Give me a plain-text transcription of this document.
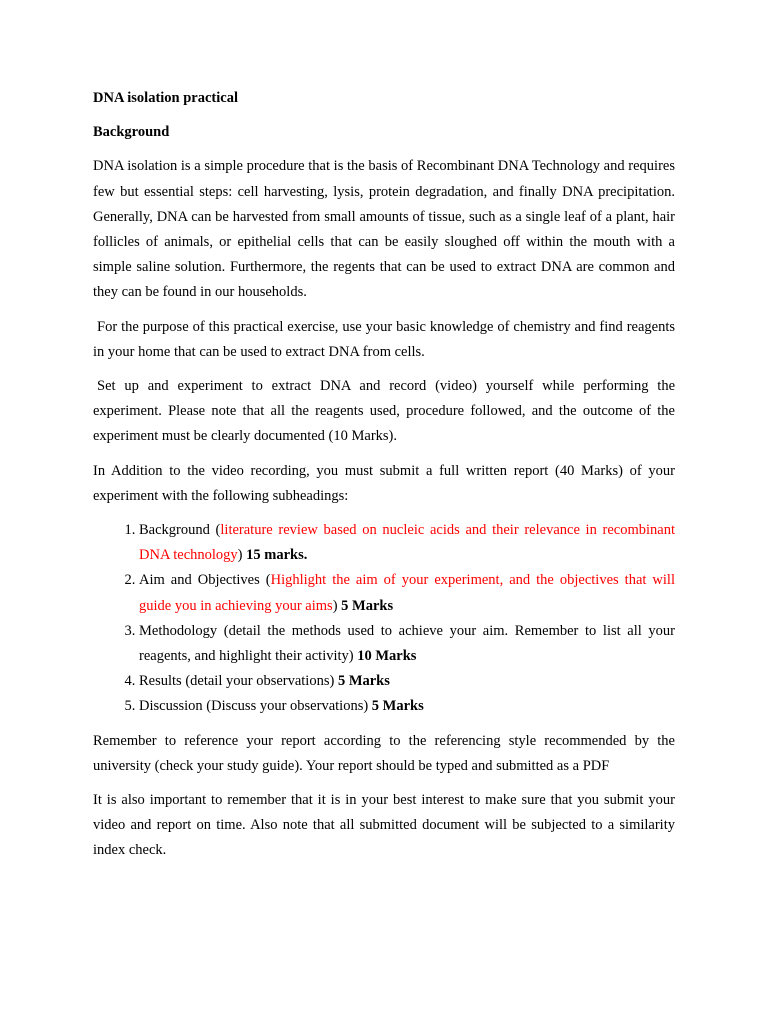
DNA isolation practical
Background

DNA isolation is a simple procedure that is the basis of Recombinant DNA Technology and requires few but essential steps: cell harvesting, lysis, protein degradation, and finally DNA precipitation. Generally, DNA can be harvested from small amounts of tissue, such as a single leaf of a plant, hair follicles of animals, or epithelial cells that can be easily sloughed off within the mouth with a simple saline solution. Furthermore, the regents that can be used to extract DNA are common and they can be found in our households.

For the purpose of this practical exercise, use your basic knowledge of chemistry and find reagents in your home that can be used to extract DNA from cells.

Set up and experiment to extract DNA and record (video) yourself while performing the experiment. Please note that all the reagents used, procedure followed, and the outcome of the experiment must be clearly documented (10 Marks).

In Addition to the video recording, you must submit a full written report (40 Marks) of your experiment with the following subheadings:

1. Background (literature review based on nucleic acids and their relevance in recombinant DNA technology) 15 marks.
2. Aim and Objectives (Highlight the aim of your experiment, and the objectives that will guide you in achieving your aims) 5 Marks
3. Methodology (detail the methods used to achieve your aim. Remember to list all your reagents, and highlight their activity) 10 Marks
4. Results (detail your observations) 5 Marks
5. Discussion (Discuss your observations) 5 Marks

Remember to reference your report according to the referencing style recommended by the university (check your study guide). Your report should be typed and submitted as a PDF

It is also important to remember that it is in your best interest to make sure that you submit your video and report on time. Also note that all submitted document will be subjected to a similarity index check.
